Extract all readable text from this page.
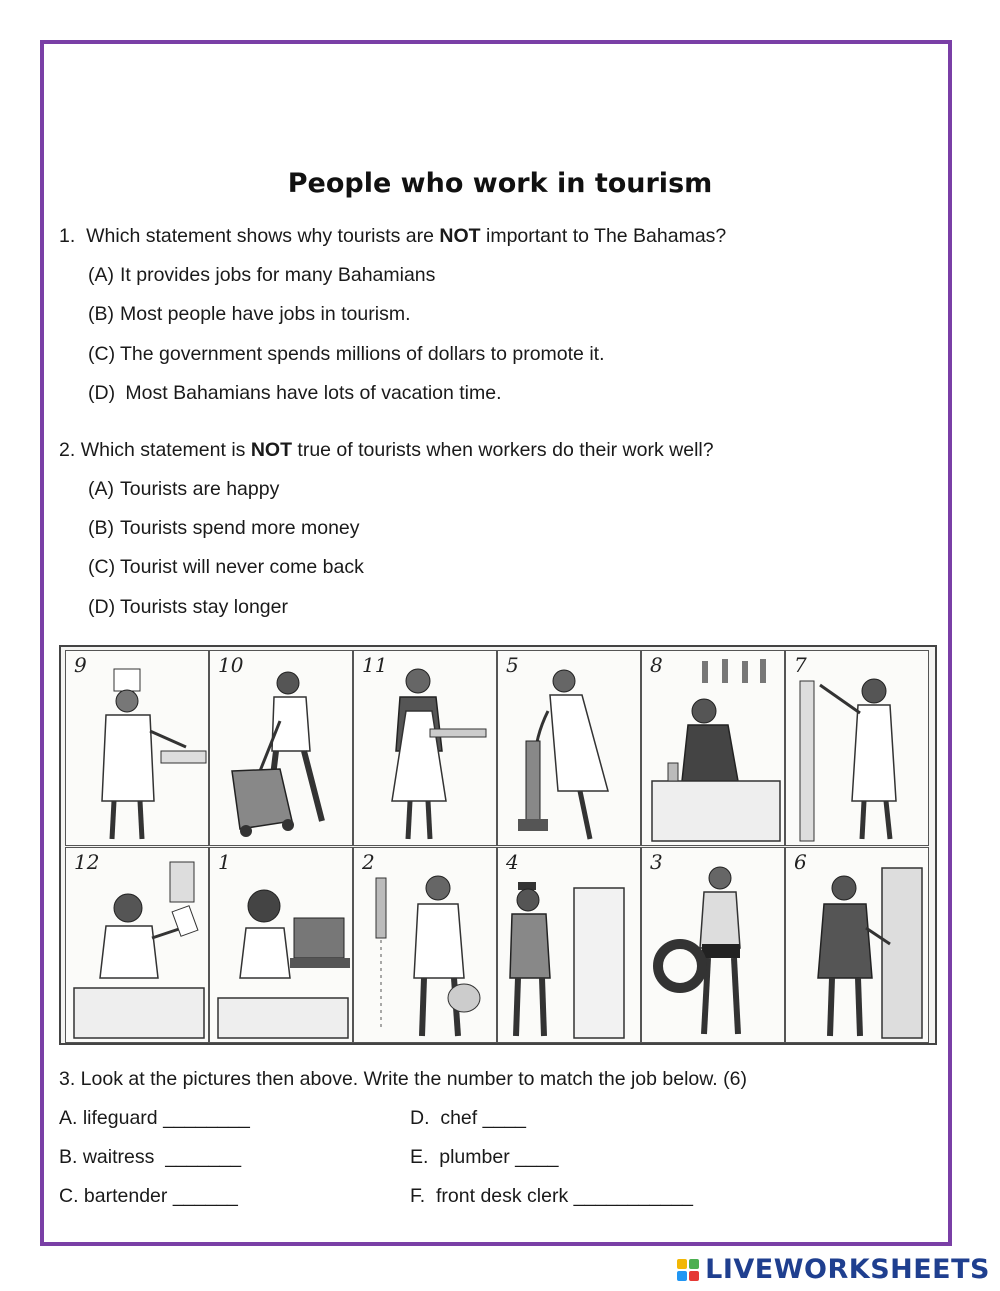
People who work in tourism
1. Which statement shows why tourists are NOT important to The Bahamas?
(A) It provides jobs for many Bahamians
(B) Most people have jobs in tourism.
(C) The government spends millions of dollars to promote it.
(D) Most Bahamians have lots of vacation time.
2. Which statement is NOT true of tourists when workers do their work well?
(A) Tourists are happy
(B) Tourists spend more money
(C) Tourist will never come back
(D) Tourists stay longer
9	10	11	5	8	7
12	1	2	4	3	6
3. Look at the pictures then above. Write the number to match the job below. (6)
A. lifeguard ________
B. waitress  _______
C. bartender ______
D.  chef ____
E.  plumber ____
F.  front desk clerk ___________
LIVEWORKSHEETS
